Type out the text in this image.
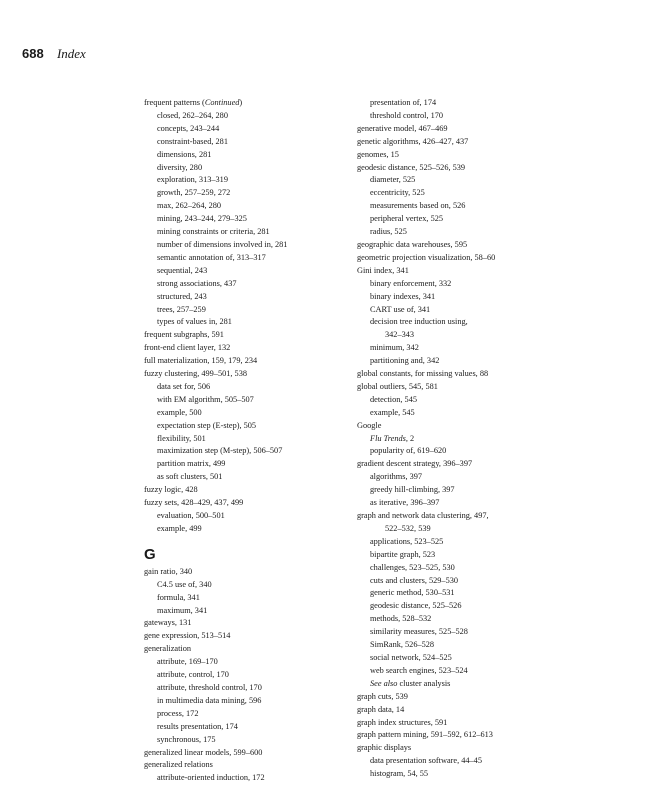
688 Index
frequent patterns (Continued)
closed, 262–264, 280
concepts, 243–244
constraint-based, 281
dimensions, 281
diversity, 280
exploration, 313–319
growth, 257–259, 272
max, 262–264, 280
mining, 243–244, 279–325
mining constraints or criteria, 281
number of dimensions involved in, 281
semantic annotation of, 313–317
sequential, 243
strong associations, 437
structured, 243
trees, 257–259
types of values in, 281
frequent subgraphs, 591
front-end client layer, 132
full materialization, 159, 179, 234
fuzzy clustering, 499–501, 538
data set for, 506
with EM algorithm, 505–507
example, 500
expectation step (E-step), 505
flexibility, 501
maximization step (M-step), 506–507
partition matrix, 499
as soft clusters, 501
fuzzy logic, 428
fuzzy sets, 428–429, 437, 499
evaluation, 500–501
example, 499
G
gain ratio, 340
C4.5 use of, 340
formula, 341
maximum, 341
gateways, 131
gene expression, 513–514
generalization
attribute, 169–170
attribute, control, 170
attribute, threshold control, 170
in multimedia data mining, 596
process, 172
results presentation, 174
synchronous, 175
generalized linear models, 599–600
generalized relations
attribute-oriented induction, 172
presentation of, 174
threshold control, 170
generative model, 467–469
genetic algorithms, 426–427, 437
genomes, 15
geodesic distance, 525–526, 539
diameter, 525
eccentricity, 525
measurements based on, 526
peripheral vertex, 525
radius, 525
geographic data warehouses, 595
geometric projection visualization, 58–60
Gini index, 341
binary enforcement, 332
binary indexes, 341
CART use of, 341
decision tree induction using,
342–343
minimum, 342
partitioning and, 342
global constants, for missing values, 88
global outliers, 545, 581
detection, 545
example, 545
Google
Flu Trends, 2
popularity of, 619–620
gradient descent strategy, 396–397
algorithms, 397
greedy hill-climbing, 397
as iterative, 396–397
graph and network data clustering, 497,
522–532, 539
applications, 523–525
bipartite graph, 523
challenges, 523–525, 530
cuts and clusters, 529–530
generic method, 530–531
geodesic distance, 525–526
methods, 528–532
similarity measures, 525–528
SimRank, 526–528
social network, 524–525
web search engines, 523–524
See also cluster analysis
graph cuts, 539
graph data, 14
graph index structures, 591
graph pattern mining, 591–592, 612–613
graphic displays
data presentation software, 44–45
histogram, 54, 55
